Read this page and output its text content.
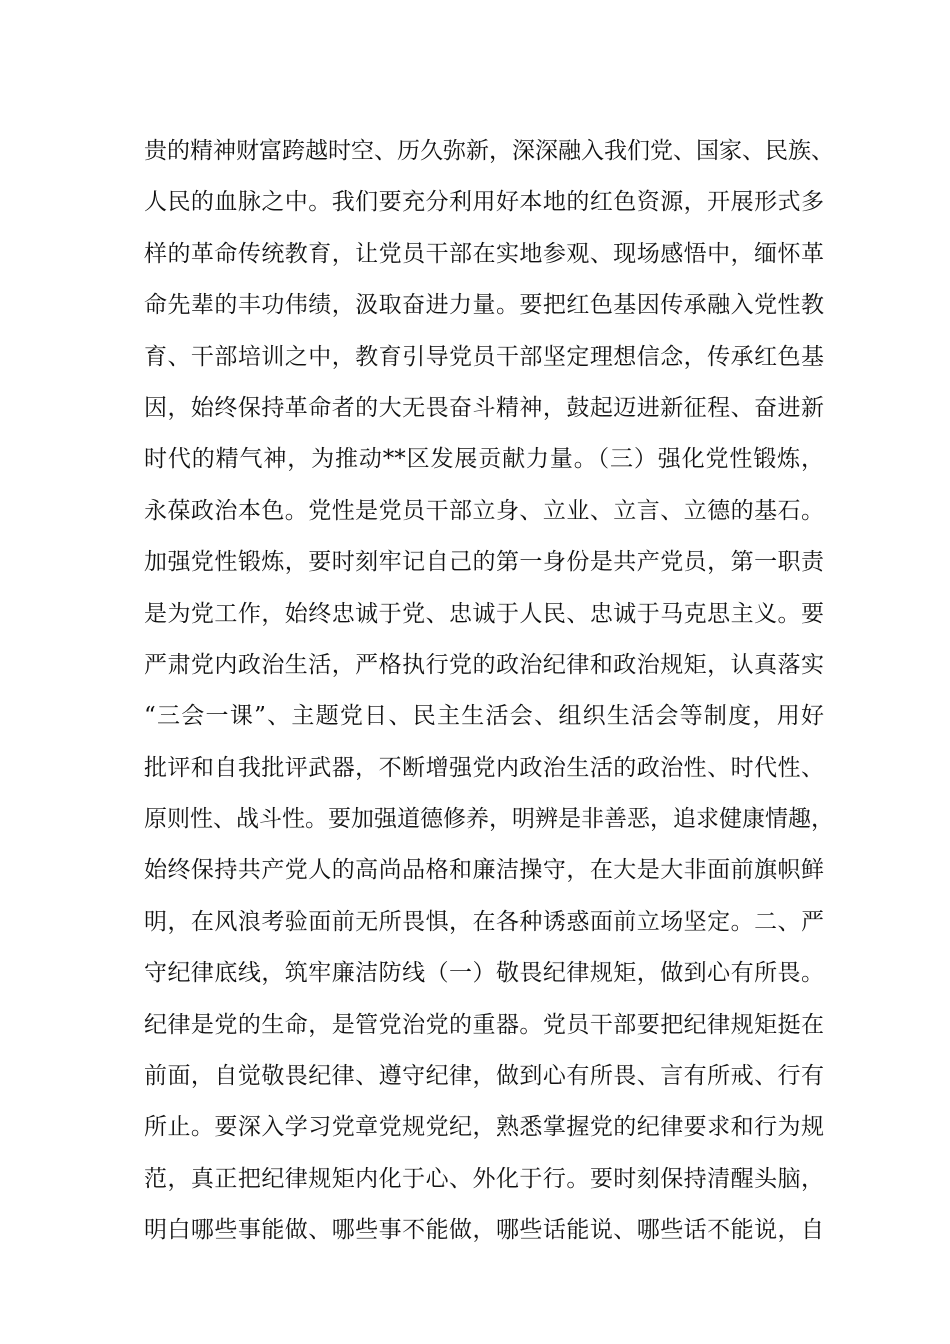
贵的精神财富跨越时空、历久弥新，深深融入我们党、国家、民族、
人民的血脉之中。我们要充分利用好本地的红色资源，开展形式多
样的革命传统教育，让党员干部在实地参观、现场感悟中，缅怀革
命先辈的丰功伟绩，汲取奋进力量。要把红色基因传承融入党性教
育、干部培训之中，教育引导党员干部坚定理想信念，传承红色基
因，始终保持革命者的大无畏奋斗精神，鼓起迈进新征程、奋进新
时代的精气神，为推动**区发展贡献力量。（三）强化党性锻炼，
永葆政治本色。党性是党员干部立身、立业、立言、立德的基石。
加强党性锻炼，要时刻牢记自己的第一身份是共产党员，第一职责
是为党工作，始终忠诚于党、忠诚于人民、忠诚于马克思主义。要
严肃党内政治生活，严格执行党的政治纪律和政治规矩，认真落实
“三会一课”、主题党日、民主生活会、组织生活会等制度，用好
批评和自我批评武器，不断增强党内政治生活的政治性、时代性、
原则性、战斗性。要加强道德修养，明辨是非善恶，追求健康情趣，
始终保持共产党人的高尚品格和廉洁操守，在大是大非面前旗帜鲜
明，在风浪考验面前无所畏惧，在各种诱惑面前立场坚定。二、严
守纪律底线，筑牢廉洁防线（一）敬畏纪律规矩，做到心有所畏。
纪律是党的生命，是管党治党的重器。党员干部要把纪律规矩挺在
前面，自觉敬畏纪律、遵守纪律，做到心有所畏、言有所戒、行有
所止。要深入学习党章党规党纪，熟悉掌握党的纪律要求和行为规
范，真正把纪律规矩内化于心、外化于行。要时刻保持清醒头脑，
明白哪些事能做、哪些事不能做，哪些话能说、哪些话不能说，自
